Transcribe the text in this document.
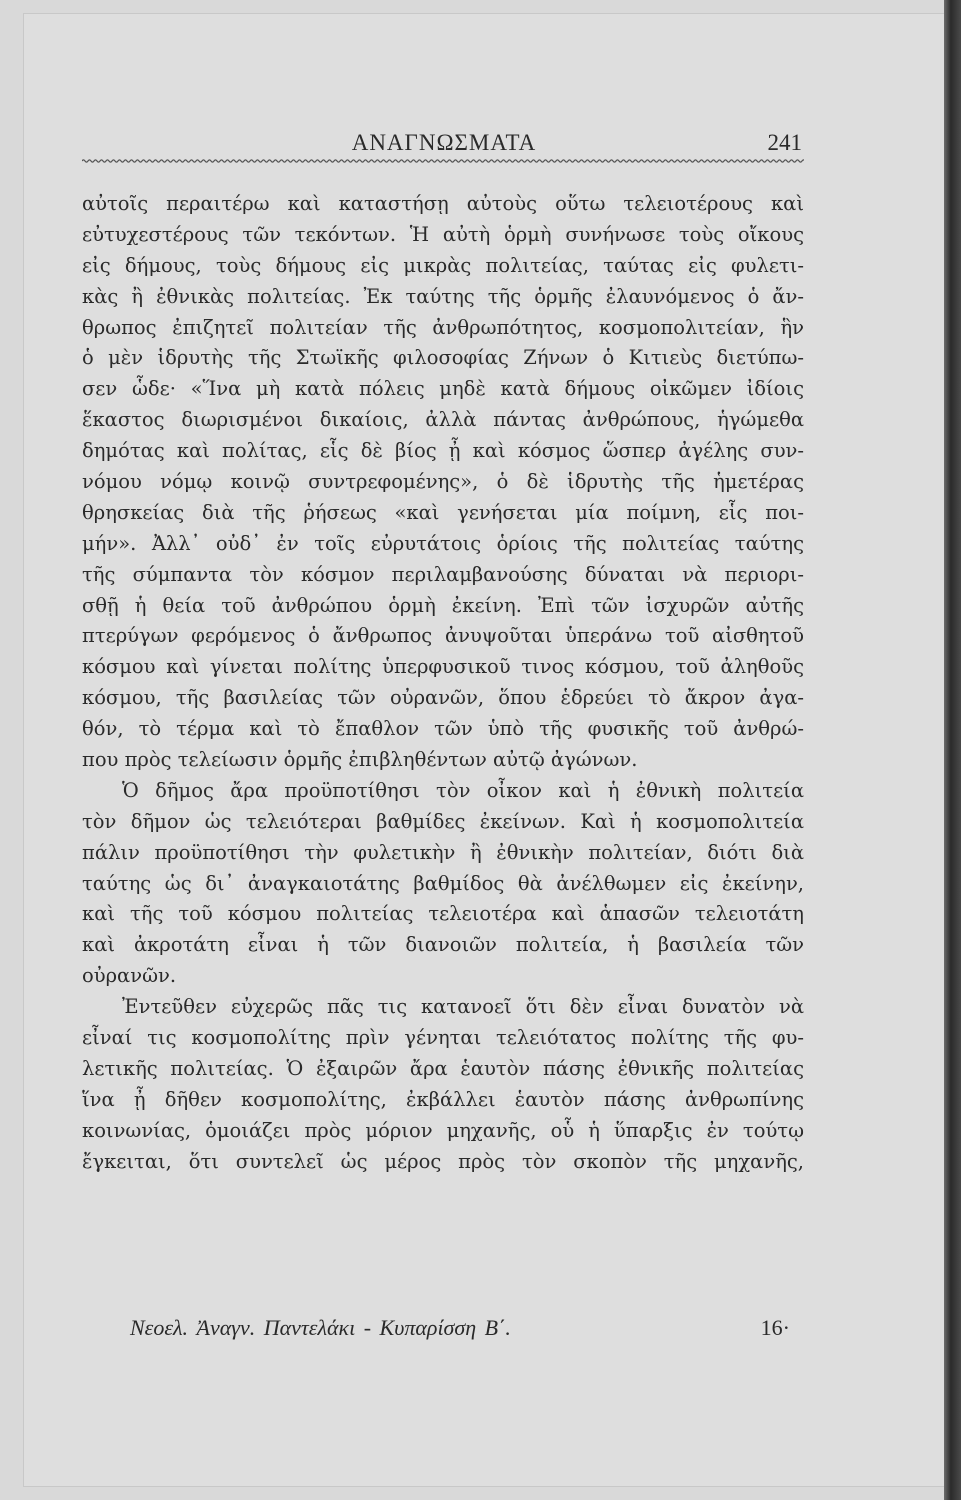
ΑΝΑΓΝΩΣΜΑΤΑ	241
αὐτοῖς περαιτέρω καὶ καταστήσῃ αὐτοὺς οὕτω τελειοτέρους καὶ
εὐτυχεστέρους τῶν τεκόντων. Ἡ αὐτὴ ὁρμὴ συνήνωσε τοὺς οἴκους
εἰς δήμους, τοὺς δήμους εἰς μικρὰς πολιτείας, ταύτας εἰς φυλετι-
κὰς ἢ ἐθνικὰς πολιτείας. Ἐκ ταύτης τῆς ὁρμῆς ἐλαυνόμενος ὁ ἄν-
θρωπος ἐπιζητεῖ πολιτείαν τῆς ἀνθρωπότητος, κοσμοπολιτείαν, ἣν
ὁ μὲν ἱδρυτὴς τῆς Στωϊκῆς φιλοσοφίας Ζήνων ὁ Κιτιεὺς διετύπω-
σεν ὧδε· «Ἵνα μὴ κατὰ πόλεις μηδὲ κατὰ δήμους οἰκῶμεν ἰδίοις
ἕκαστος διωρισμένοι δικαίοις, ἀλλὰ πάντας ἀνθρώπους, ἡγώμεθα
δημότας καὶ πολίτας, εἷς δὲ βίος ᾖ καὶ κόσμος ὥσπερ ἀγέλης συν-
νόμου νόμῳ κοινῷ συντρεφομένης», ὁ δὲ ἱδρυτὴς τῆς ἡμετέρας
θρησκείας διὰ τῆς ῥήσεως «καὶ γενήσεται μία ποίμνη, εἷς ποι-
μήν». Ἀλλ᾽ οὐδ᾽ ἐν τοῖς εὐρυτάτοις ὁρίοις τῆς πολιτείας ταύτης
τῆς σύμπαντα τὸν κόσμον περιλαμβανούσης δύναται νὰ περιορι-
σθῇ ἡ θεία τοῦ ἀνθρώπου ὁρμὴ ἐκείνη. Ἐπὶ τῶν ἰσχυρῶν αὐτῆς
πτερύγων φερόμενος ὁ ἄνθρωπος ἀνυψοῦται ὑπεράνω τοῦ αἰσθητοῦ
κόσμου καὶ γίνεται πολίτης ὑπερφυσικοῦ τινος κόσμου, τοῦ ἀληθοῦς
κόσμου, τῆς βασιλείας τῶν οὐρανῶν, ὅπου ἑδρεύει τὸ ἄκρον ἀγα-
θόν, τὸ τέρμα καὶ τὸ ἔπαθλον τῶν ὑπὸ τῆς φυσικῆς τοῦ ἀνθρώ-
που πρὸς τελείωσιν ὁρμῆς ἐπιβληθέντων αὐτῷ ἀγώνων.
Ὁ δῆμος ἄρα προϋποτίθησι τὸν οἶκον καὶ ἡ ἐθνικὴ πολιτεία
τὸν δῆμον ὡς τελειότεραι βαθμίδες ἐκείνων. Καὶ ἡ κοσμοπολιτεία
πάλιν προϋποτίθησι τὴν φυλετικὴν ἢ ἐθνικὴν πολιτείαν, διότι διὰ
ταύτης ὡς δι᾽ ἀναγκαιοτάτης βαθμίδος θὰ ἀνέλθωμεν εἰς ἐκείνην,
καὶ τῆς τοῦ κόσμου πολιτείας τελειοτέρα καὶ ἁπασῶν τελειοτάτη
καὶ ἀκροτάτη εἶναι ἡ τῶν διανοιῶν πολιτεία, ἡ βασιλεία τῶν
οὐρανῶν.
Ἐντεῦθεν εὐχερῶς πᾶς τις κατανοεῖ ὅτι δὲν εἶναι δυνατὸν νὰ
εἶναί τις κοσμοπολίτης πρὶν γένηται τελειότατος πολίτης τῆς φυ-
λετικῆς πολιτείας. Ὁ ἐξαιρῶν ἄρα ἑαυτὸν πάσης ἐθνικῆς πολιτείας
ἵνα ᾖ δῆθεν κοσμοπολίτης, ἐκβάλλει ἑαυτὸν πάσης ἀνθρωπίνης
κοινωνίας, ὁμοιάζει πρὸς μόριον μηχανῆς, οὗ ἡ ὕπαρξις ἐν τούτῳ
ἔγκειται, ὅτι συντελεῖ ὡς μέρος πρὸς τὸν σκοπὸν τῆς μηχανῆς,
Νεοελ. Ἀναγν. Παντελάκι - Κυπαρίσση Β΄.	16·
